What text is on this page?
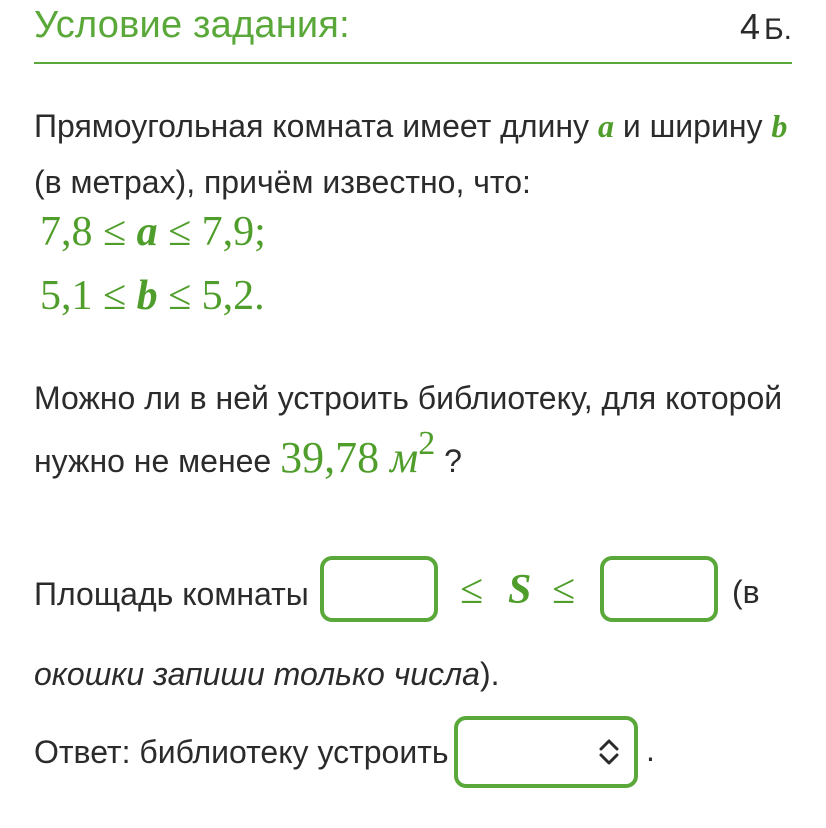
Условие задания:	4 Б.
Прямоугольная комната имеет длину a и ширину b
(в метрах), причём известно, что:
7,8 ≤ a ≤ 7,9;
5,1 ≤ b ≤ 5,2.
Можно ли в ней устроить библиотеку, для которой
нужно не менее 39,78 $м^2$ ?
Площадь комнаты	≤ S ≤	(в
окошки запиши только числа).
Ответ: библиотеку устроить	.
